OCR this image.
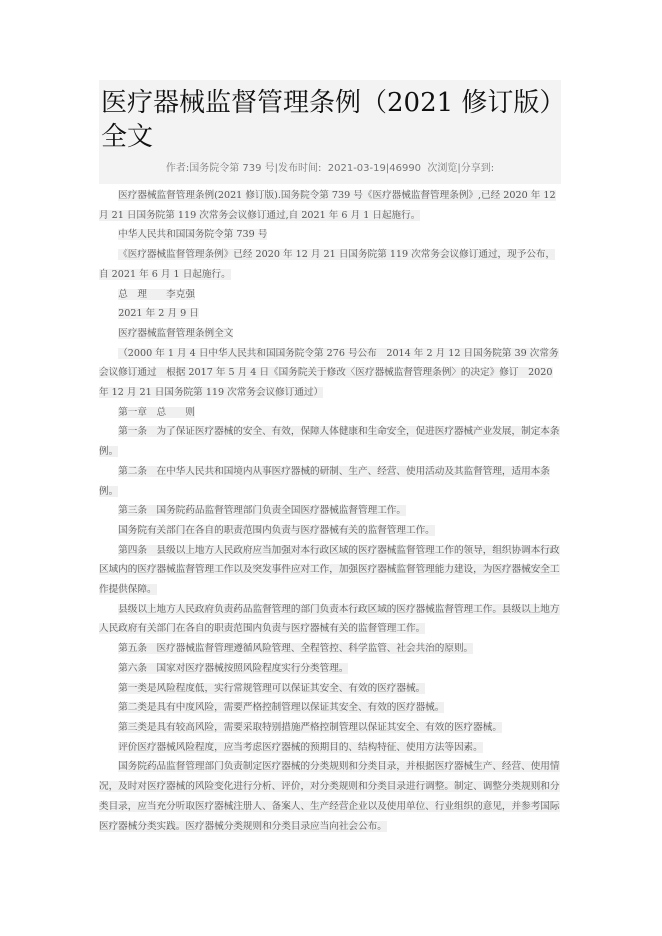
医疗器械监督管理条例（2021 修订版）全文
作者:国务院令第 739 号|发布时间:  2021-03-19|46990  次浏览|分享到:

医疗器械监督管理条例(2021 修订版).国务院令第 739 号《医疗器械监督管理条例》,已经 2020 年 12 月 21 日国务院第 119 次常务会议修订通过,自 2021 年 6 月 1 日起施行。

中华人民共和国国务院令第 739 号

《医疗器械监督管理条例》已经 2020 年 12 月 21 日国务院第 119 次常务会议修订通过，现予公布，自 2021 年 6 月 1 日起施行。

总　理　　李克强

2021 年 2 月 9 日

医疗器械监督管理条例全文

（2000 年 1 月 4 日中华人民共和国国务院令第 276 号公布　2014 年 2 月 12 日国务院第 39 次常务会议修订通过　根据 2017 年 5 月 4 日《国务院关于修改〈医疗器械监督管理条例〉的决定》修订　2020 年 12 月 21 日国务院第 119 次常务会议修订通过）

第一章　总　　则

第一条　为了保证医疗器械的安全、有效，保障人体健康和生命安全，促进医疗器械产业发展，制定本条例。

第二条　在中华人民共和国境内从事医疗器械的研制、生产、经营、使用活动及其监督管理，适用本条例。

第三条　国务院药品监督管理部门负责全国医疗器械监督管理工作。

国务院有关部门在各自的职责范围内负责与医疗器械有关的监督管理工作。

第四条　县级以上地方人民政府应当加强对本行政区域的医疗器械监督管理工作的领导，组织协调本行政区域内的医疗器械监督管理工作以及突发事件应对工作，加强医疗器械监督管理能力建设，为医疗器械安全工作提供保障。

县级以上地方人民政府负责药品监督管理的部门负责本行政区域的医疗器械监督管理工作。县级以上地方人民政府有关部门在各自的职责范围内负责与医疗器械有关的监督管理工作。

第五条　医疗器械监督管理遵循风险管理、全程管控、科学监管、社会共治的原则。

第六条　国家对医疗器械按照风险程度实行分类管理。

第一类是风险程度低，实行常规管理可以保证其安全、有效的医疗器械。

第二类是具有中度风险，需要严格控制管理以保证其安全、有效的医疗器械。

第三类是具有较高风险，需要采取特别措施严格控制管理以保证其安全、有效的医疗器械。

评价医疗器械风险程度，应当考虑医疗器械的预期目的、结构特征、使用方法等因素。

国务院药品监督管理部门负责制定医疗器械的分类规则和分类目录，并根据医疗器械生产、经营、使用情况，及时对医疗器械的风险变化进行分析、评价，对分类规则和分类目录进行调整。制定、调整分类规则和分类目录，应当充分听取医疗器械注册人、备案人、生产经营企业以及使用单位、行业组织的意见，并参考国际医疗器械分类实践。医疗器械分类规则和分类目录应当向社会公布。
